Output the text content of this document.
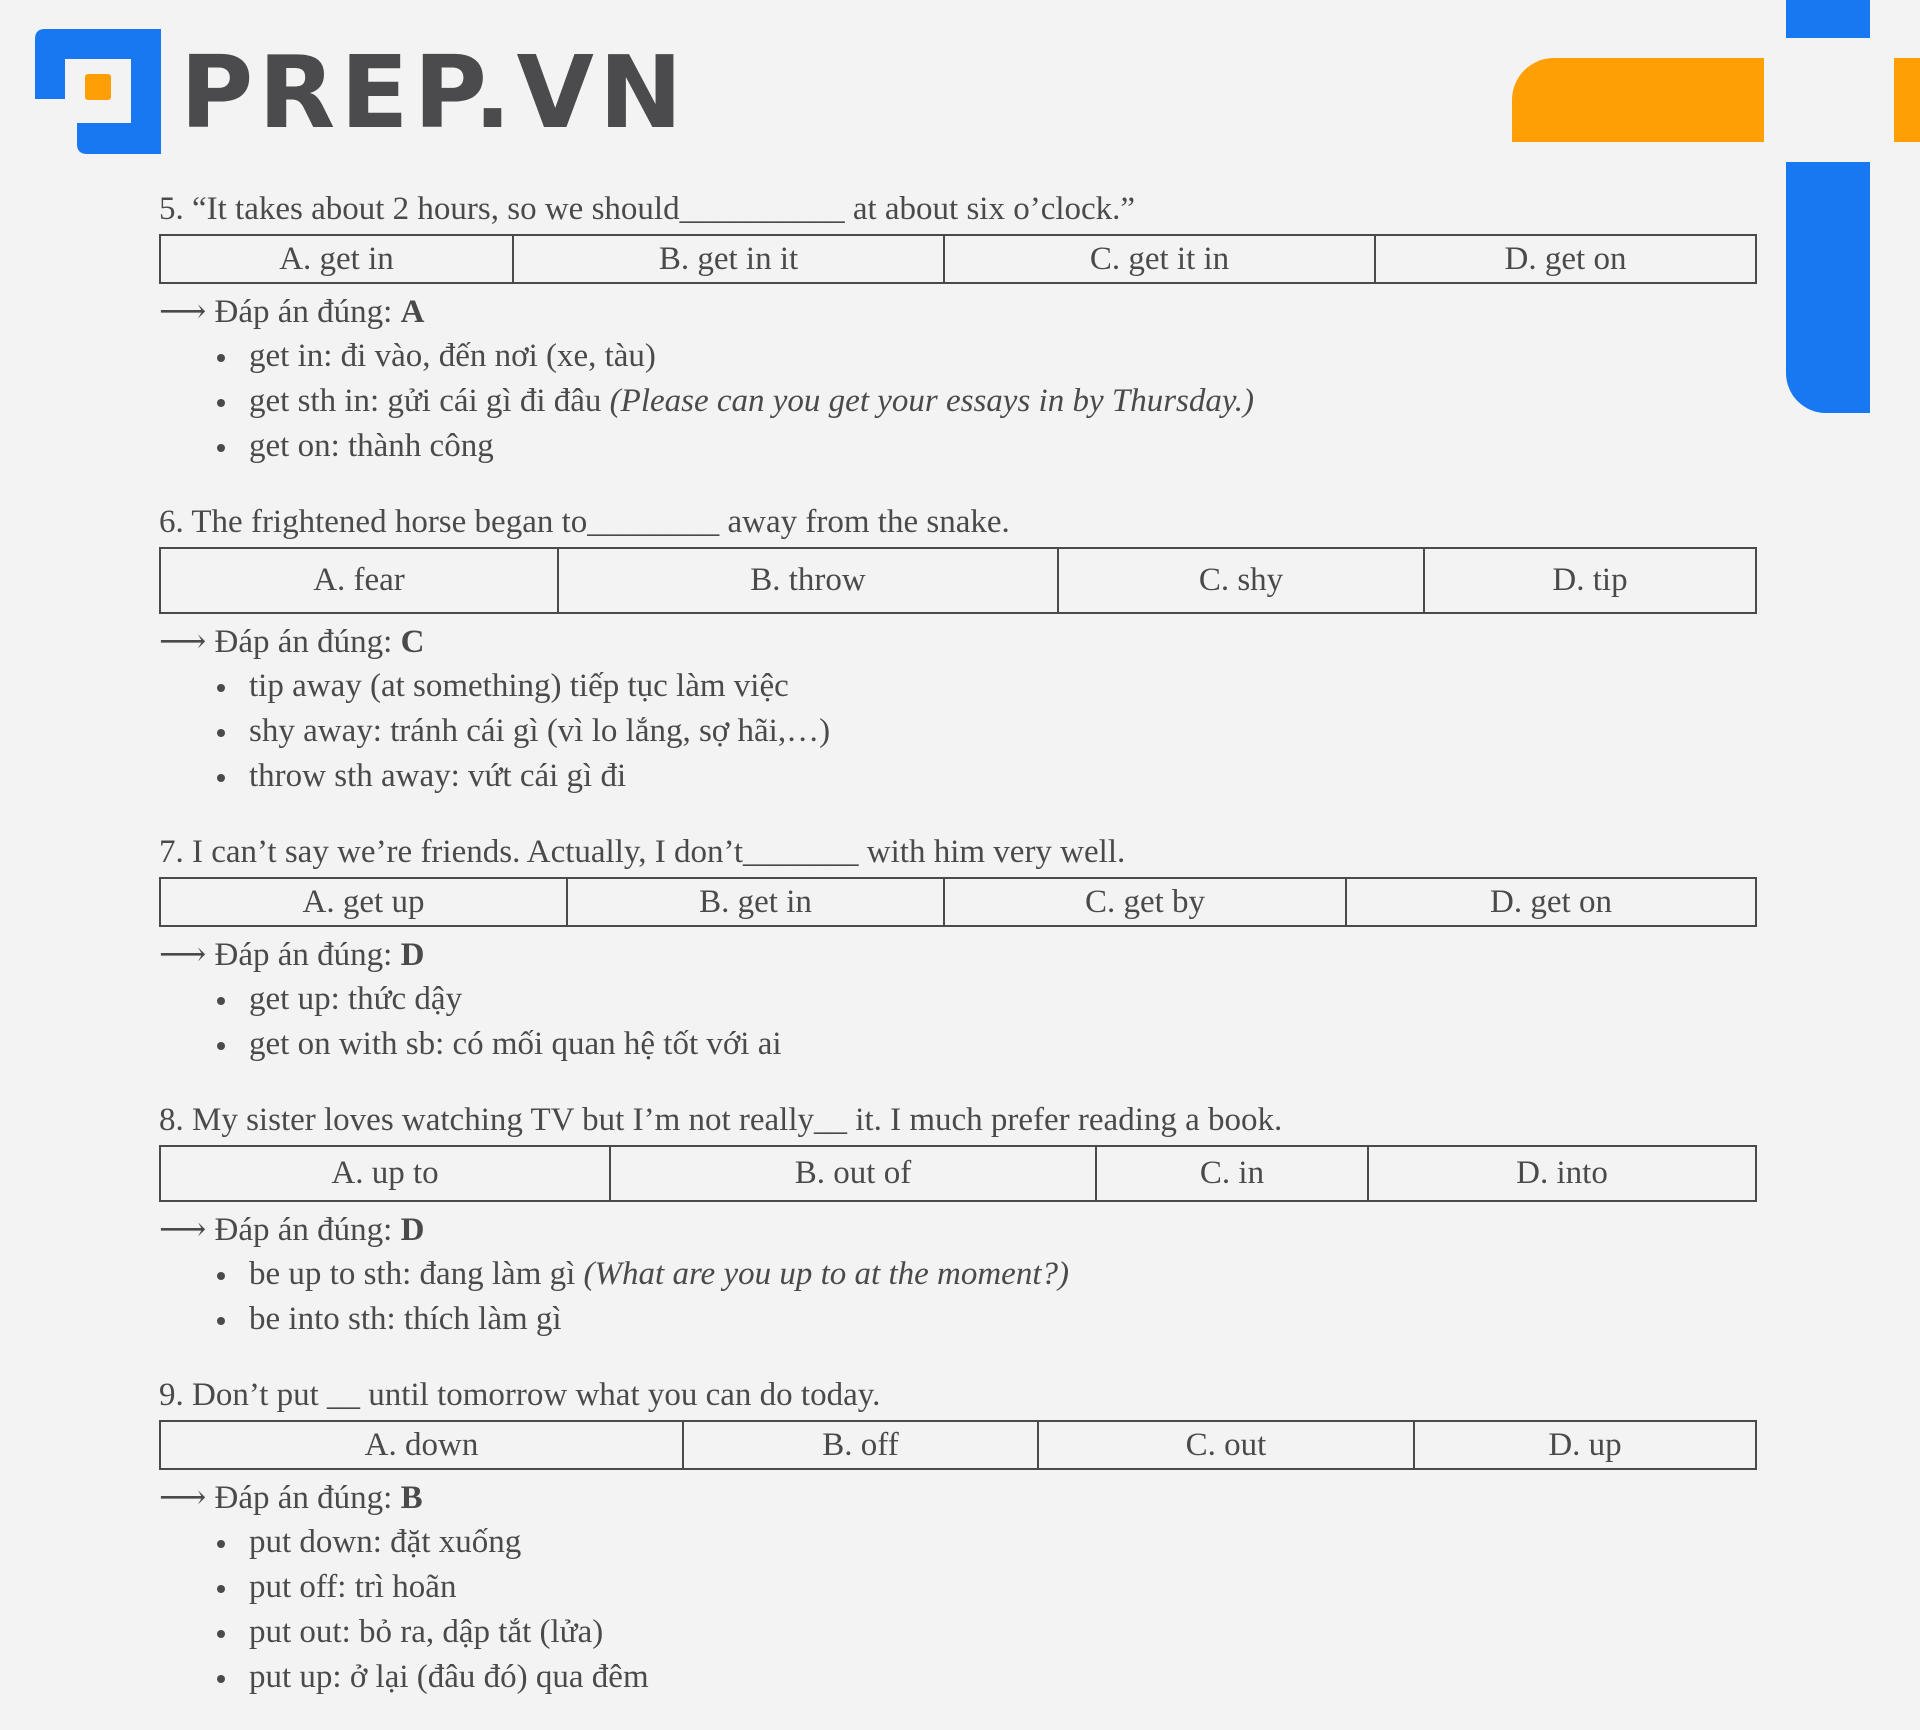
PREP.VN

5. “It takes about 2 hours, so we should__________ at about six o’clock.”

A. get in	B. get in it	C. get it in	D. get on

⟶ Đáp án đúng: A

get in: đi vào, đến nơi (xe, tàu)
get sth in: gửi cái gì đi đâu (Please can you get your essays in by Thursday.)
get on: thành công

6. The frightened horse began to________ away from the snake.

A. fear	B. throw	C. shy	D. tip

⟶ Đáp án đúng: C

tip away (at something) tiếp tục làm việc
shy away: tránh cái gì (vì lo lắng, sợ hãi,…)
throw sth away: vứt cái gì đi

7. I can’t say we’re friends. Actually, I don’t_______ with him very well.

A. get up	B. get in	C. get by	D. get on

⟶ Đáp án đúng: D

get up: thức dậy
get on with sb: có mối quan hệ tốt với ai

8. My sister loves watching TV but I’m not really__ it. I much prefer reading a book.

A. up to	B. out of	C. in	D. into

⟶ Đáp án đúng: D

be up to sth: đang làm gì (What are you up to at the moment?)
be into sth: thích làm gì

9. Don’t put __ until tomorrow what you can do today.

A. down	B. off	C. out	D. up

⟶ Đáp án đúng: B

put down: đặt xuống
put off: trì hoãn
put out: bỏ ra, dập tắt (lửa)
put up: ở lại (đâu đó) qua đêm
